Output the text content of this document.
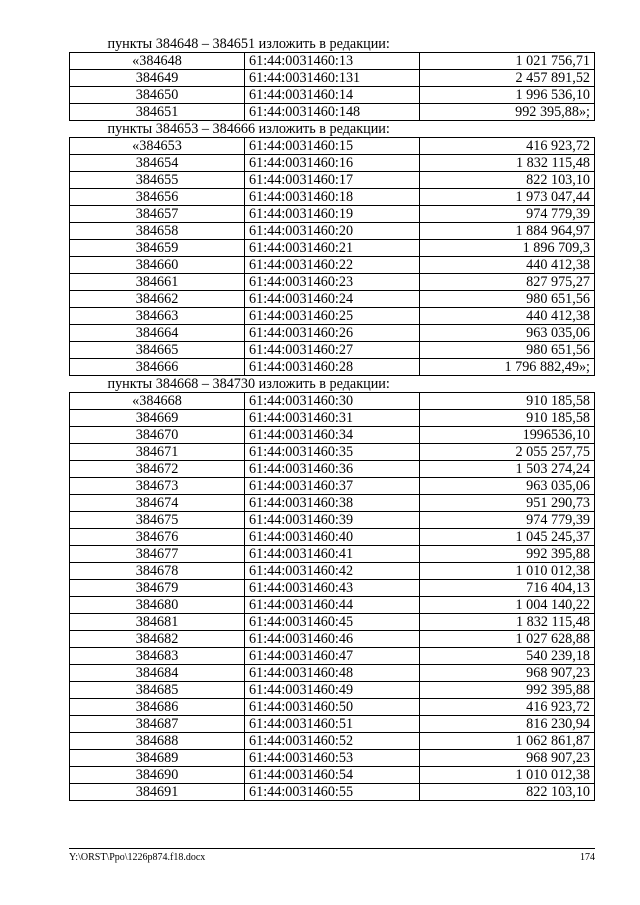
пункты 384648 – 384651 изложить в редакции:		
«384648	61:44:0031460:13	1 021 756,71
384649	61:44:0031460:131	2 457 891,52
384650	61:44:0031460:14	1 996 536,10
384651	61:44:0031460:148	992 395,88»;
пункты 384653 – 384666 изложить в редакции:		
«384653	61:44:0031460:15	416 923,72
384654	61:44:0031460:16	1 832 115,48
384655	61:44:0031460:17	822 103,10
384656	61:44:0031460:18	1 973 047,44
384657	61:44:0031460:19	974 779,39
384658	61:44:0031460:20	1 884 964,97
384659	61:44:0031460:21	1 896 709,3
384660	61:44:0031460:22	440 412,38
384661	61:44:0031460:23	827 975,27
384662	61:44:0031460:24	980 651,56
384663	61:44:0031460:25	440 412,38
384664	61:44:0031460:26	963 035,06
384665	61:44:0031460:27	980 651,56
384666	61:44:0031460:28	1 796 882,49»;
пункты 384668 – 384730 изложить в редакции:		
«384668	61:44:0031460:30	910 185,58
384669	61:44:0031460:31	910 185,58
384670	61:44:0031460:34	1996536,10
384671	61:44:0031460:35	2 055 257,75
384672	61:44:0031460:36	1 503 274,24
384673	61:44:0031460:37	963 035,06
384674	61:44:0031460:38	951 290,73
384675	61:44:0031460:39	974 779,39
384676	61:44:0031460:40	1 045 245,37
384677	61:44:0031460:41	992 395,88
384678	61:44:0031460:42	1 010 012,38
384679	61:44:0031460:43	716 404,13
384680	61:44:0031460:44	1 004 140,22
384681	61:44:0031460:45	1 832 115,48
384682	61:44:0031460:46	1 027 628,88
384683	61:44:0031460:47	540 239,18
384684	61:44:0031460:48	968 907,23
384685	61:44:0031460:49	992 395,88
384686	61:44:0031460:50	416 923,72
384687	61:44:0031460:51	816 230,94
384688	61:44:0031460:52	1 062 861,87
384689	61:44:0031460:53	968 907,23
384690	61:44:0031460:54	1 010 012,38
384691	61:44:0031460:55	822 103,10
Y:\ORST\Ppo\1226p874.f18.docx	174
